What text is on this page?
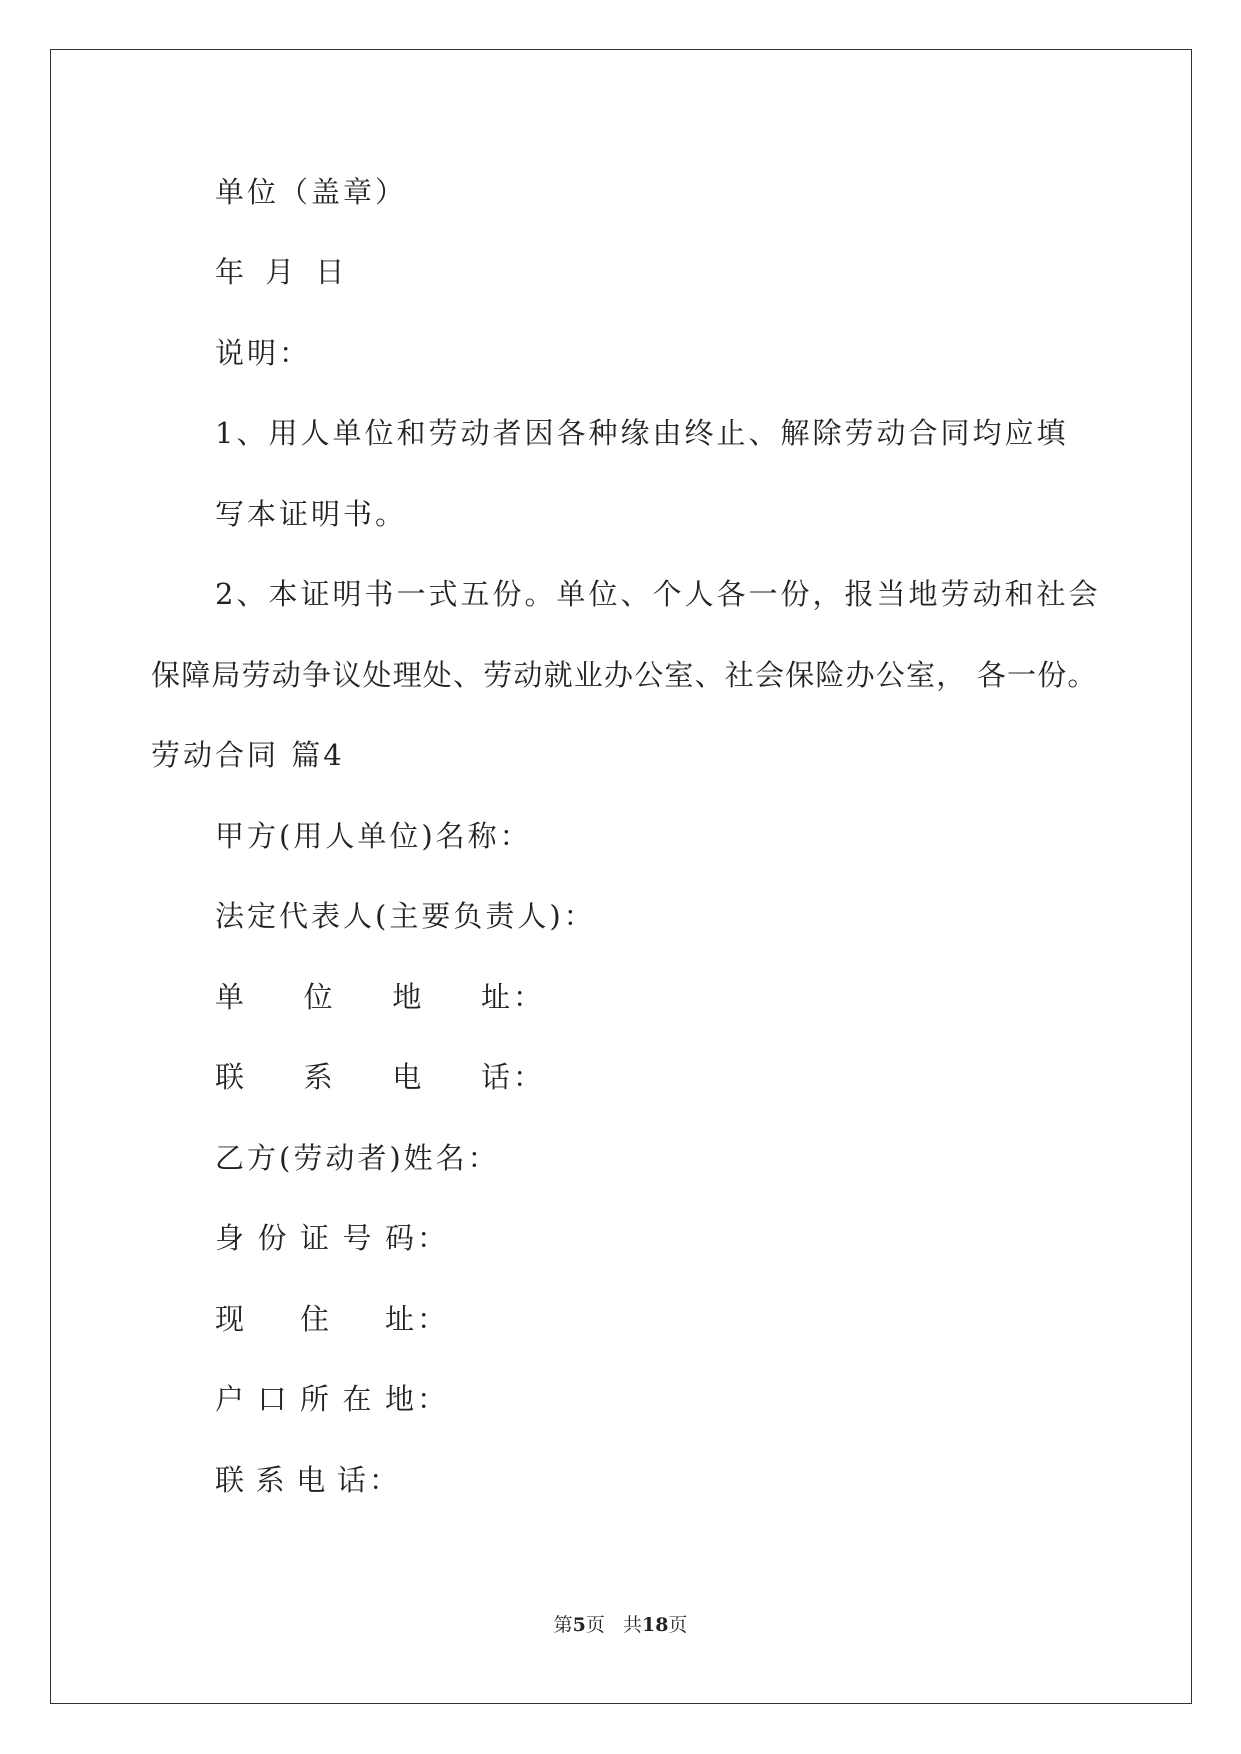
单位（盖章）
年 月 日
说明：
1、用人单位和劳动者因各种缘由终止、解除劳动合同均应填
写本证明书。
2、本证明书一式五份。单位、个人各一份，报当地劳动和社会
保障局劳动争议处理处、劳动就业办公室、社会保险办公室， 各一份。
劳动合同 篇4
甲方(用人单位)名称：
法定代表人(主要负责人)：
单 位 地 址：
联 系 电 话：
乙方(劳动者)姓名：
身 份 证 号 码：
现 住 址：
户 口 所 在 地：
联 系 电 话：
第5页 共18页
